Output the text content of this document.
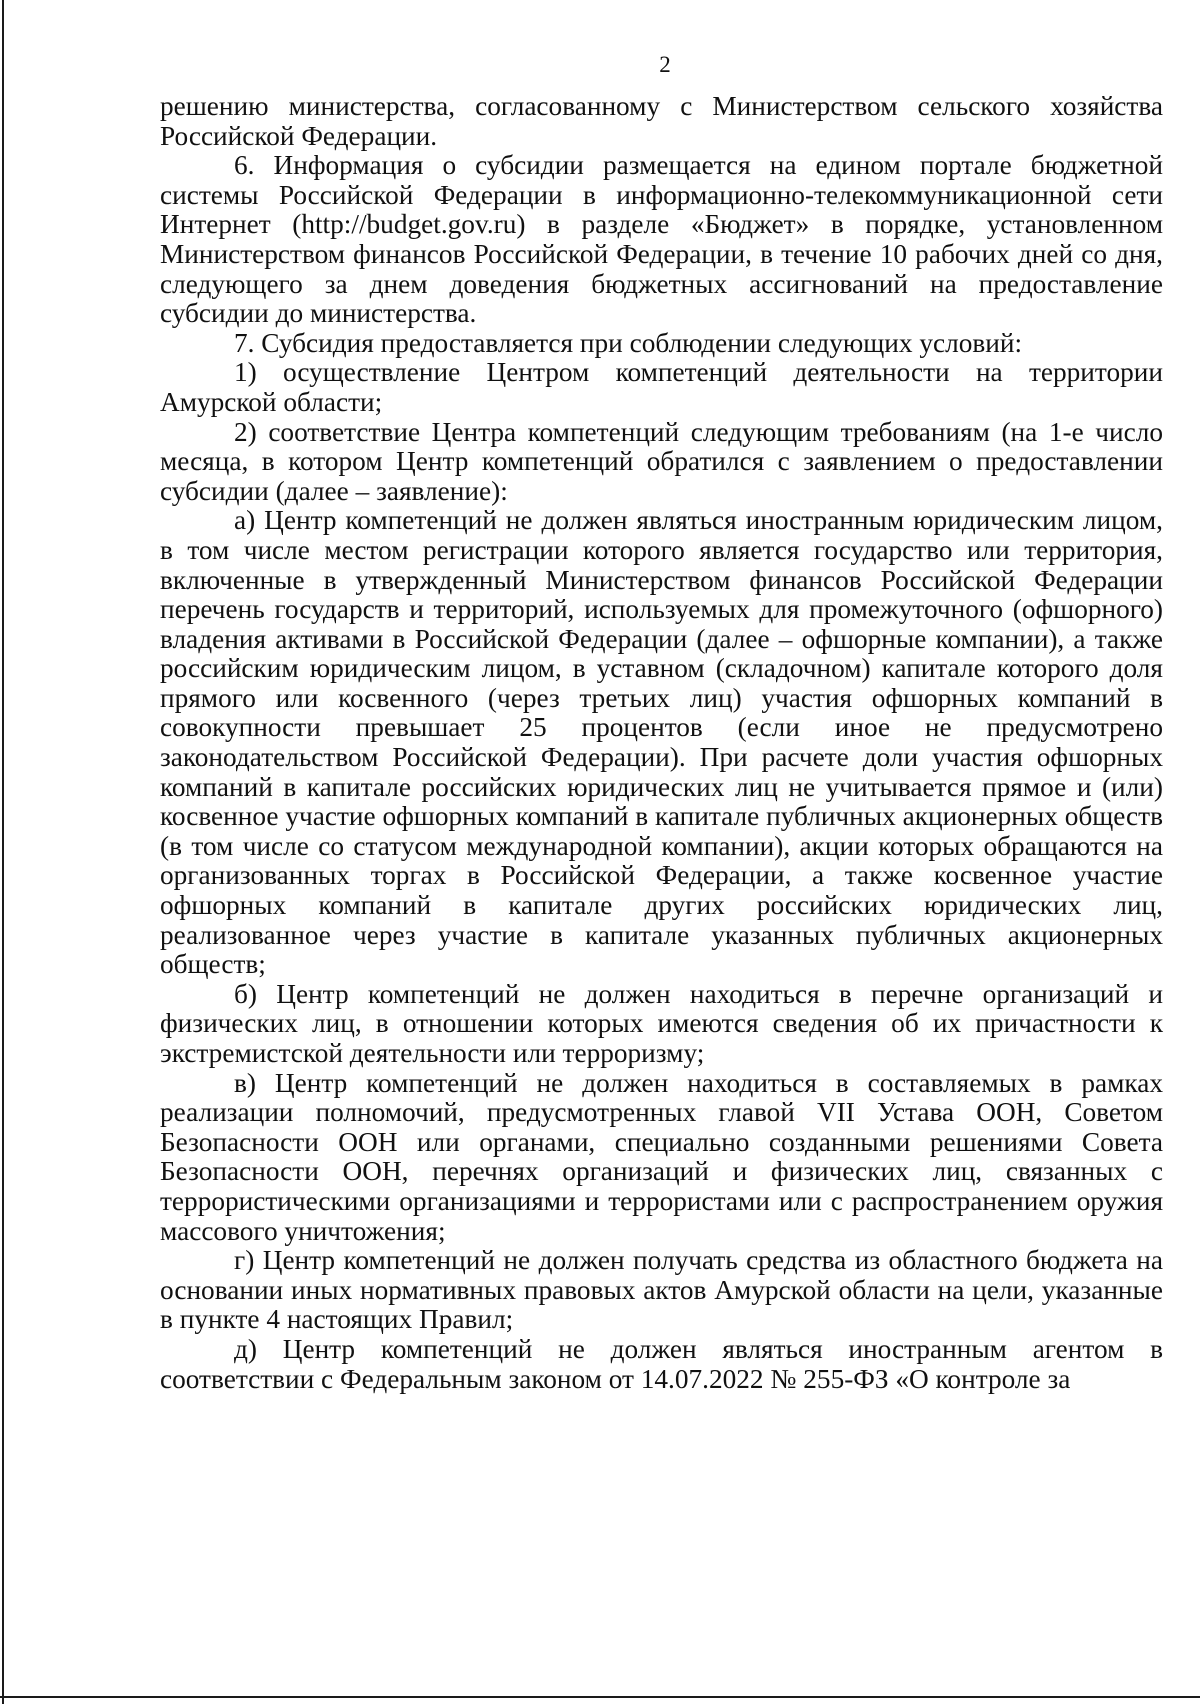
2

решению министерства, согласованному с Министерством сельского хозяйства Российской Федерации.

6. Информация о субсидии размещается на едином портале бюджетной системы Российской Федерации в информационно-телекоммуникационной сети Интернет (http://budget.gov.ru) в разделе «Бюджет» в порядке, установленном Министерством финансов Российской Федерации, в течение 10 рабочих дней со дня, следующего за днем доведения бюджетных ассигнований на предоставление субсидии до министерства.

7. Субсидия предоставляется при соблюдении следующих условий:

1) осуществление Центром компетенций деятельности на территории Амурской области;

2) соответствие Центра компетенций следующим требованиям (на 1-е число месяца, в котором Центр компетенций обратился с заявлением о предоставлении субсидии (далее – заявление):

а) Центр компетенций не должен являться иностранным юридическим лицом, в том числе местом регистрации которого является государство или территория, включенные в утвержденный Министерством финансов Российской Федерации перечень государств и территорий, используемых для промежуточного (офшорного) владения активами в Российской Федерации (далее – офшорные компании), а также российским юридическим лицом, в уставном (складочном) капитале которого доля прямого или косвенного (через третьих лиц) участия офшорных компаний в совокупности превышает 25 процентов (если иное не предусмотрено законодательством Российской Федерации). При расчете доли участия офшорных компаний в капитале российских юридических лиц не учитывается прямое и (или) косвенное участие офшорных компаний в капитале публичных акционерных обществ (в том числе со статусом международной компании), акции которых обращаются на организованных торгах в Российской Федерации, а также косвенное участие офшорных компаний в капитале других российских юридических лиц, реализованное через участие в капитале указанных публичных акционерных обществ;

б) Центр компетенций не должен находиться в перечне организаций и физических лиц, в отношении которых имеются сведения об их причастности к экстремистской деятельности или терроризму;

в) Центр компетенций не должен находиться в составляемых в рамках реализации полномочий, предусмотренных главой VII Устава ООН, Советом Безопасности ООН или органами, специально созданными решениями Совета Безопасности ООН, перечнях организаций и физических лиц, связанных с террористическими организациями и террористами или с распространением оружия массового уничтожения;

г) Центр компетенций не должен получать средства из областного бюджета на основании иных нормативных правовых актов Амурской области на цели, указанные в пункте 4 настоящих Правил;

д) Центр компетенций не должен являться иностранным агентом в соответствии с Федеральным законом от 14.07.2022 № 255-ФЗ «О контроле за
